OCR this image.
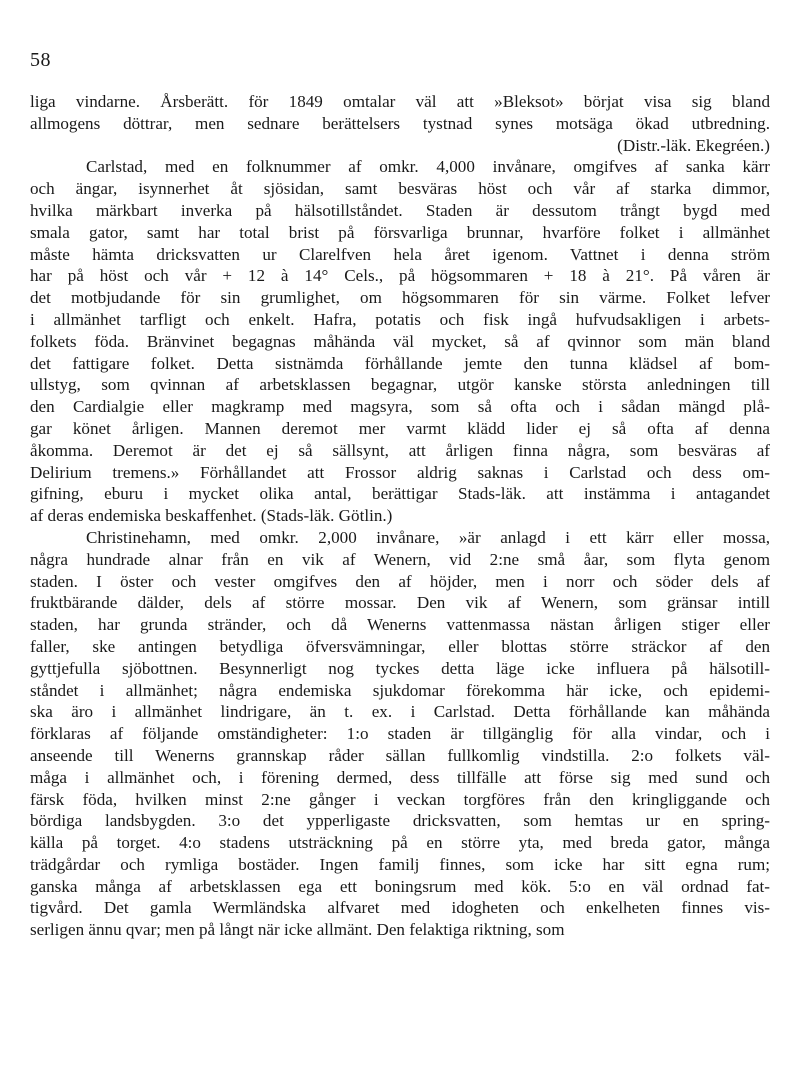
58
liga vindarne. Årsberätt. för 1849 omtalar väl att »Bleksot» börjat visa sig bland
allmogens döttrar, men sednare berättelsers tystnad synes motsäga ökad utbredning.
(Distr.-läk. Ekegréen.)
Carlstad, med en folknummer af omkr. 4,000 invånare, omgifves af sanka kärr
och ängar, isynnerhet åt sjösidan, samt besväras höst och vår af starka dimmor,
hvilka märkbart inverka på hälsotillståndet. Staden är dessutom trångt bygd med
smala gator, samt har total brist på försvarliga brunnar, hvarföre folket i allmänhet
måste hämta dricksvatten ur Clarelfven hela året igenom. Vattnet i denna ström
har på höst och vår + 12 à 14° Cels., på högsommaren + 18 à 21°. På våren är
det motbjudande för sin grumlighet, om högsommaren för sin värme. Folket lefver
i allmänhet tarfligt och enkelt. Hafra, potatis och fisk ingå hufvudsakligen i arbets-
folkets föda. Bränvinet begagnas måhända väl mycket, så af qvinnor som män bland
det fattigare folket. Detta sistnämda förhållande jemte den tunna klädsel af bom-
ullstyg, som qvinnan af arbetsklassen begagnar, utgör kanske största anledningen till
den Cardialgie eller magkramp med magsyra, som så ofta och i sådan mängd plå-
gar könet årligen. Mannen deremot mer varmt klädd lider ej så ofta af denna
åkomma. Deremot är det ej så sällsynt, att årligen finna några, som besväras af
Delirium tremens.» Förhållandet att Frossor aldrig saknas i Carlstad och dess om-
gifning, eburu i mycket olika antal, berättigar Stads-läk. att instämma i antagandet
af deras endemiska beskaffenhet. (Stads-läk. Götlin.)
Christinehamn, med omkr. 2,000 invånare, »är anlagd i ett kärr eller mossa,
några hundrade alnar från en vik af Wenern, vid 2:ne små åar, som flyta genom
staden. I öster och vester omgifves den af höjder, men i norr och söder dels af
fruktbärande dälder, dels af större mossar. Den vik af Wenern, som gränsar intill
staden, har grunda stränder, och då Wenerns vattenmassa nästan årligen stiger eller
faller, ske antingen betydliga öfversvämningar, eller blottas större sträckor af den
gyttjefulla sjöbottnen. Besynnerligt nog tyckes detta läge icke influera på hälsotill-
ståndet i allmänhet; några endemiska sjukdomar förekomma här icke, och epidemi-
ska äro i allmänhet lindrigare, än t. ex. i Carlstad. Detta förhållande kan måhända
förklaras af följande omständigheter: 1:o staden är tillgänglig för alla vindar, och i
anseende till Wenerns grannskap råder sällan fullkomlig vindstilla. 2:o folkets väl-
måga i allmänhet och, i förening dermed, dess tillfälle att förse sig med sund och
färsk föda, hvilken minst 2:ne gånger i veckan torgföres från den kringliggande och
bördiga landsbygden. 3:o det ypperligaste dricksvatten, som hemtas ur en spring-
källa på torget. 4:o stadens utsträckning på en större yta, med breda gator, många
trädgårdar och rymliga bostäder. Ingen familj finnes, som icke har sitt egna rum;
ganska många af arbetsklassen ega ett boningsrum med kök. 5:o en väl ordnad fat-
tigvård. Det gamla Wermländska alfvaret med idogheten och enkelheten finnes vis-
serligen ännu qvar; men på långt när icke allmänt. Den felaktiga riktning, som
